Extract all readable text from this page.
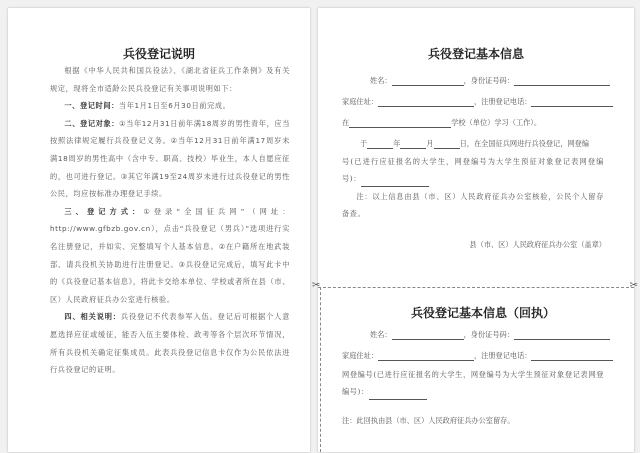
兵役登记说明

根据《中华人民共和国兵役法》、《湖北省征兵工作条例》及有关规定，现将全市适龄公民兵役登记有关事项说明如下：

一、登记时间：当年1月1日至6月30日前完成。

二、登记对象：①当年12月31日前年满18周岁的男性青年，应当按照法律规定履行兵役登记义务。②当年12月31日前年满17周岁未满18周岁的男性高中（含中专、职高、技校）毕业生，本人自愿应征的，也可进行登记。③其它年满19至24周岁未进行过兵役登记的男性公民，均应按标准办理登记手续。

三、登记方式：①登录“全国征兵网”（网址：http://www.gfbzb.gov.cn），点击“兵役登记（男兵）”选项进行实名注册登记，并如实、完整填写个人基本信息。②在户籍所在地武装部、请兵役机关协助进行注册登记。③兵役登记完成后，填写此卡中的《兵役登记基本信息》，将此卡交给本单位、学校或者所在县（市、区）人民政府征兵办公室进行核验。

四、相关说明：兵役登记不代表参军入伍。登记后可根据个人意愿选择应征或缓征，能否入伍主要体检、政考等各个层次环节情况，所有兵役机关确定征集成员。此表兵役登记信息卡仅作为公民依法进行兵役登记的证明。

兵役登记基本信息
姓名：	，身份证号码：
家庭住址：	，注册登记电话：
在	学校（单位）学习（工作）。
于	年	月	日，在全国征兵网进行兵役登记，网登编

号(已进行应征报名的大学生，网登编号为大学生预征对象登记表网登编号)：

注：以上信息由县（市、区）人民政府征兵办公室核验，公民个人留存备查。

县（市、区）人民政府征兵办公室（盖章）
✂	✂
兵役登记基本信息（回执）
姓名：	，身份证号码：
家庭住址：	，注册登记电话：

网登编号(已进行应征报名的大学生，网登编号为大学生预征对象登记表网登编号)：

注：此回执由县（市、区）人民政府征兵办公室留存。
